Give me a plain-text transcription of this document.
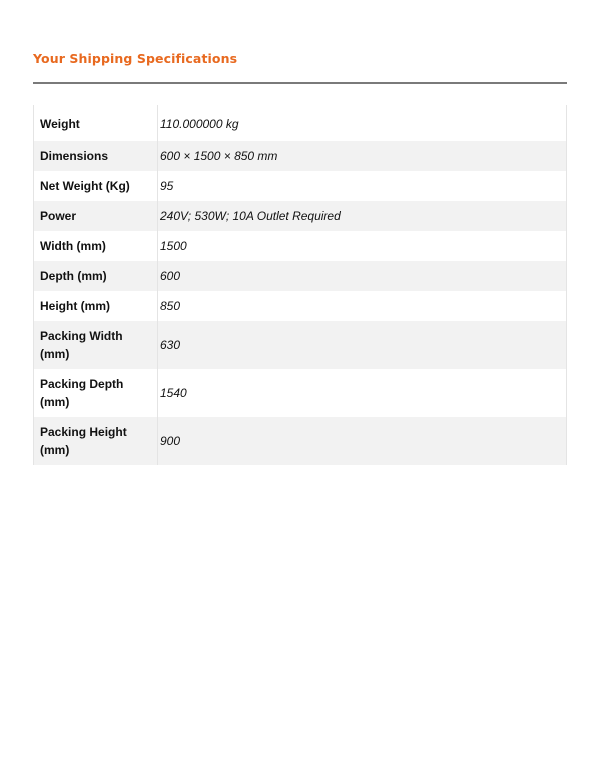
Your Shipping Specifications
Weight	110.000000 kg
Dimensions	600 × 1500 × 850 mm
Net Weight (Kg)	95
Power	240V; 530W; 10A Outlet Required
Width (mm)	1500
Depth (mm)	600
Height (mm)	850
Packing Width (mm)	630
Packing Depth (mm)	1540
Packing Height (mm)	900
